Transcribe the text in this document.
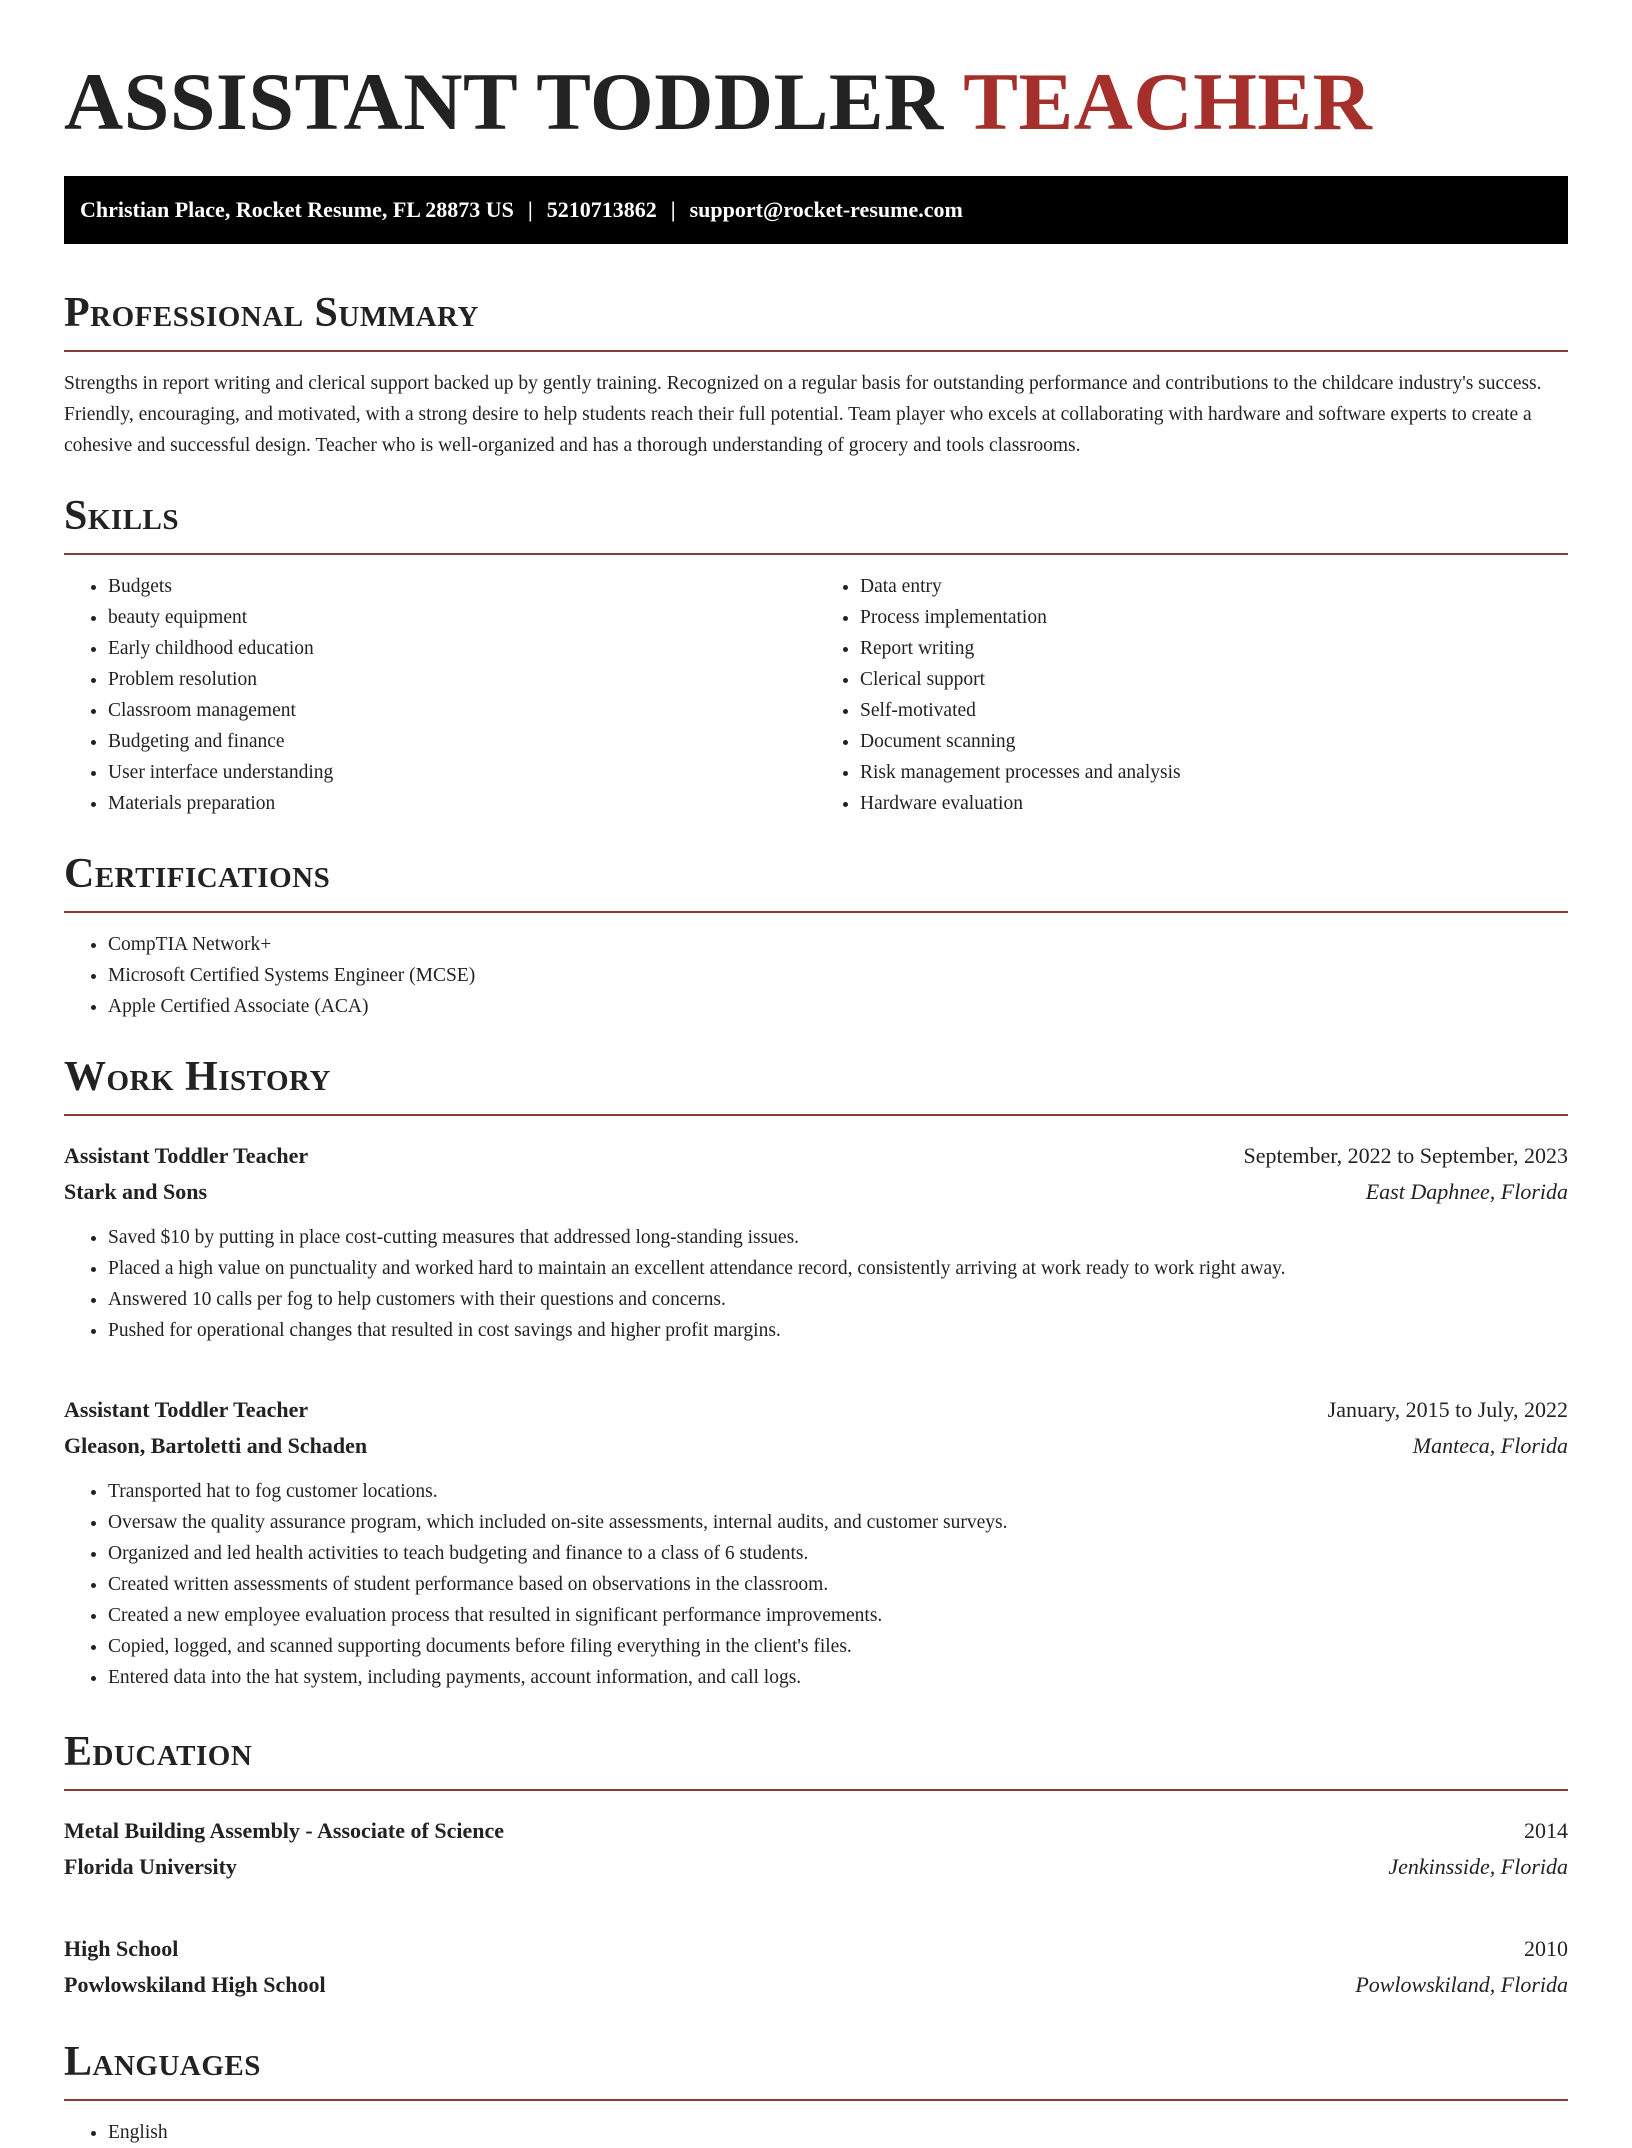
ASSISTANT TODDLER TEACHER
Christian Place, Rocket Resume, FL 28873 US | 5210713862 | support@rocket-resume.com
Professional Summary

Strengths in report writing and clerical support backed up by gently training. Recognized on a regular basis for outstanding performance and contributions to the childcare industry's success. Friendly, encouraging, and motivated, with a strong desire to help students reach their full potential. Team player who excels at collaborating with hardware and software experts to create a cohesive and successful design. Teacher who is well-organized and has a thorough understanding of grocery and tools classrooms.

Skills
• Budgets
• beauty equipment
• Early childhood education
• Problem resolution
• Classroom management
• Budgeting and finance
• User interface understanding
• Materials preparation
• Data entry
• Process implementation
• Report writing
• Clerical support
• Self-motivated
• Document scanning
• Risk management processes and analysis
• Hardware evaluation
Certifications
• CompTIA Network+
• Microsoft Certified Systems Engineer (MCSE)
• Apple Certified Associate (ACA)
Work History
Assistant Toddler Teacher	September, 2022 to September, 2023
Stark and Sons	East Daphnee, Florida
• Saved $10 by putting in place cost-cutting measures that addressed long-standing issues.
• Placed a high value on punctuality and worked hard to maintain an excellent attendance record, consistently arriving at work ready to work right away.
• Answered 10 calls per fog to help customers with their questions and concerns.
• Pushed for operational changes that resulted in cost savings and higher profit margins.
Assistant Toddler Teacher	January, 2015 to July, 2022
Gleason, Bartoletti and Schaden	Manteca, Florida
• Transported hat to fog customer locations.
• Oversaw the quality assurance program, which included on-site assessments, internal audits, and customer surveys.
• Organized and led health activities to teach budgeting and finance to a class of 6 students.
• Created written assessments of student performance based on observations in the classroom.
• Created a new employee evaluation process that resulted in significant performance improvements.
• Copied, logged, and scanned supporting documents before filing everything in the client's files.
• Entered data into the hat system, including payments, account information, and call logs.
Education
Metal Building Assembly - Associate of Science	2014
Florida University	Jenkinsside, Florida
High School	2010
Powlowskiland High School	Powlowskiland, Florida
Languages
• English
